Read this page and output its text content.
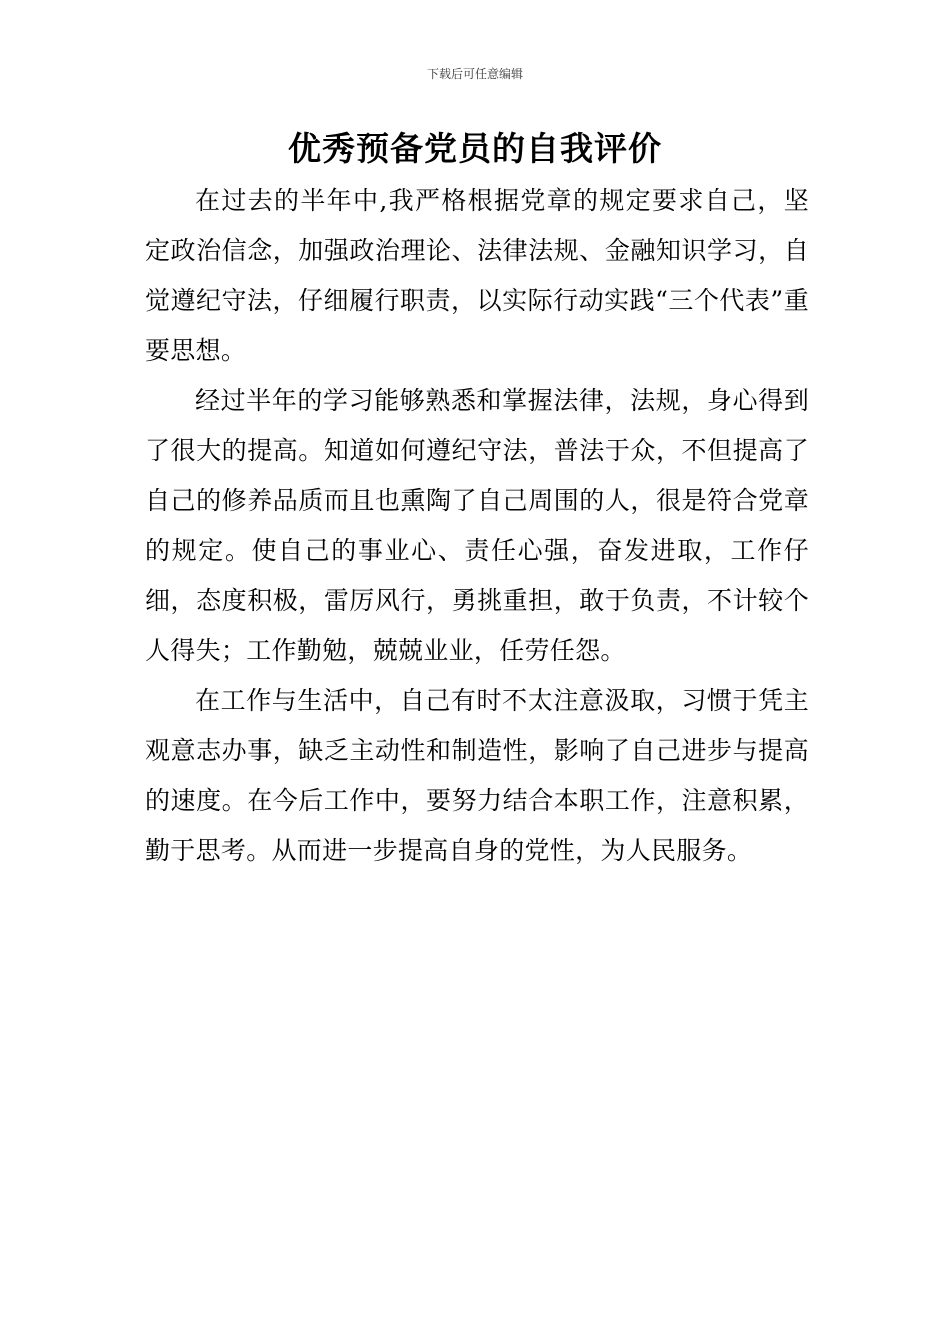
下载后可任意编辑
优秀预备党员的自我评价

在过去的半年中,我严格根据党章的规定要求自己，坚定政治信念，加强政治理论、法律法规、金融知识学习，自觉遵纪守法，仔细履行职责，以实际行动实践“三个代表”重要思想。

经过半年的学习能够熟悉和掌握法律，法规，身心得到了很大的提高。知道如何遵纪守法，普法于众，不但提高了自己的修养品质而且也熏陶了自己周围的人，很是符合党章的规定。使自己的事业心、责任心强，奋发进取，工作仔细，态度积极，雷厉风行，勇挑重担，敢于负责，不计较个人得失；工作勤勉，兢兢业业，任劳任怨。

在工作与生活中，自己有时不太注意汲取，习惯于凭主观意志办事，缺乏主动性和制造性，影响了自己进步与提高的速度。在今后工作中，要努力结合本职工作，注意积累，勤于思考。从而进一步提高自身的党性，为人民服务。
